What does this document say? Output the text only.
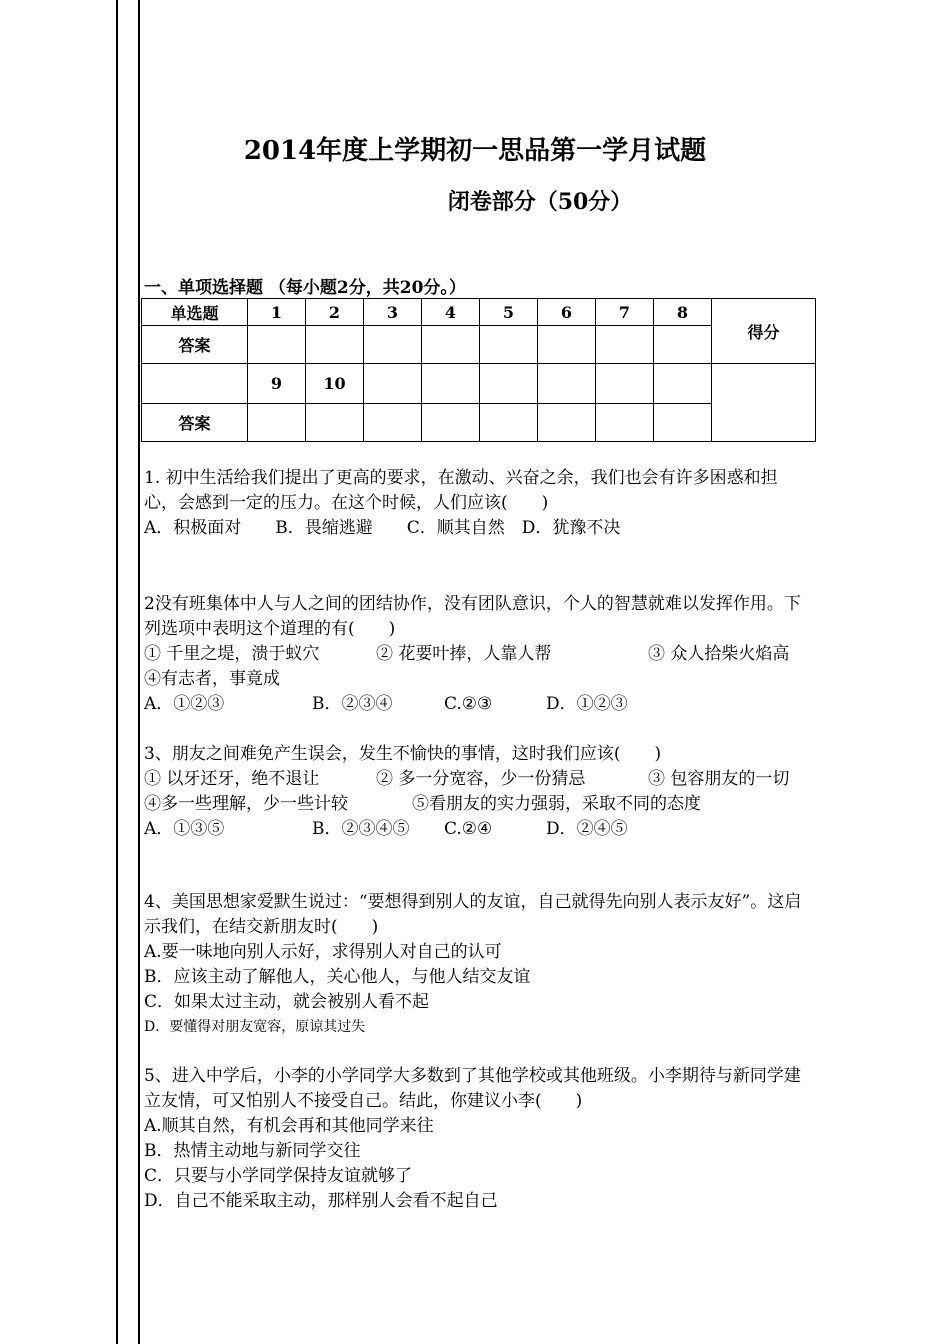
2014年度上学期初一思品第一学月试题
闭卷部分（50分）
一、单项选择题 （每小题2分，共20分。）
单选题	1	2	3	4	5	6	7	8	得分
答案									
	9	10							
答案									
1. 初中生活给我们提出了更高的要求，在激动、兴奋之余，我们也会有许多困惑和担心，会感到一定的压力。在这个时候，人们应该(　　)
A．积极面对　　B．畏缩逃避　　C．顺其自然　D．犹豫不决
2没有班集体中人与人之间的团结协作，没有团队意识，个人的智慧就难以发挥作用。下列选项中表明这个道理的有(　　)
① 千里之堤，溃于蚁穴	② 花要叶捧，人靠人帮	③ 众人拾柴火焰高
④有志者，事竟成
A．①②③	B．②③④	C.②③	D．①②③
3、朋友之间难免产生误会，发生不愉快的事情，这时我们应该(　　)
① 以牙还牙，绝不退让	② 多一分宽容，少一份猜忌	③ 包容朋友的一切
④多一些理解，少一些计较	⑤看朋友的实力强弱，采取不同的态度
A．①③⑤	B．②③④⑤	C.②④	D．②④⑤
4、美国思想家爱默生说过：“要想得到别人的友谊，自己就得先向别人表示友好”。这启示我们，在结交新朋友时(　　)
A.要一味地向别人示好，求得别人对自己的认可
B．应该主动了解他人，关心他人，与他人结交友谊
C．如果太过主动，就会被别人看不起
D．要懂得对朋友宽容，原谅其过失
5、进入中学后，小李的小学同学大多数到了其他学校或其他班级。小李期待与新同学建立友情，可又怕别人不接受自己。结此，你建议小李(　　)
A.顺其自然，有机会再和其他同学来往
B．热情主动地与新同学交往
C．只要与小学同学保持友谊就够了
D．自己不能采取主动，那样别人会看不起自己
